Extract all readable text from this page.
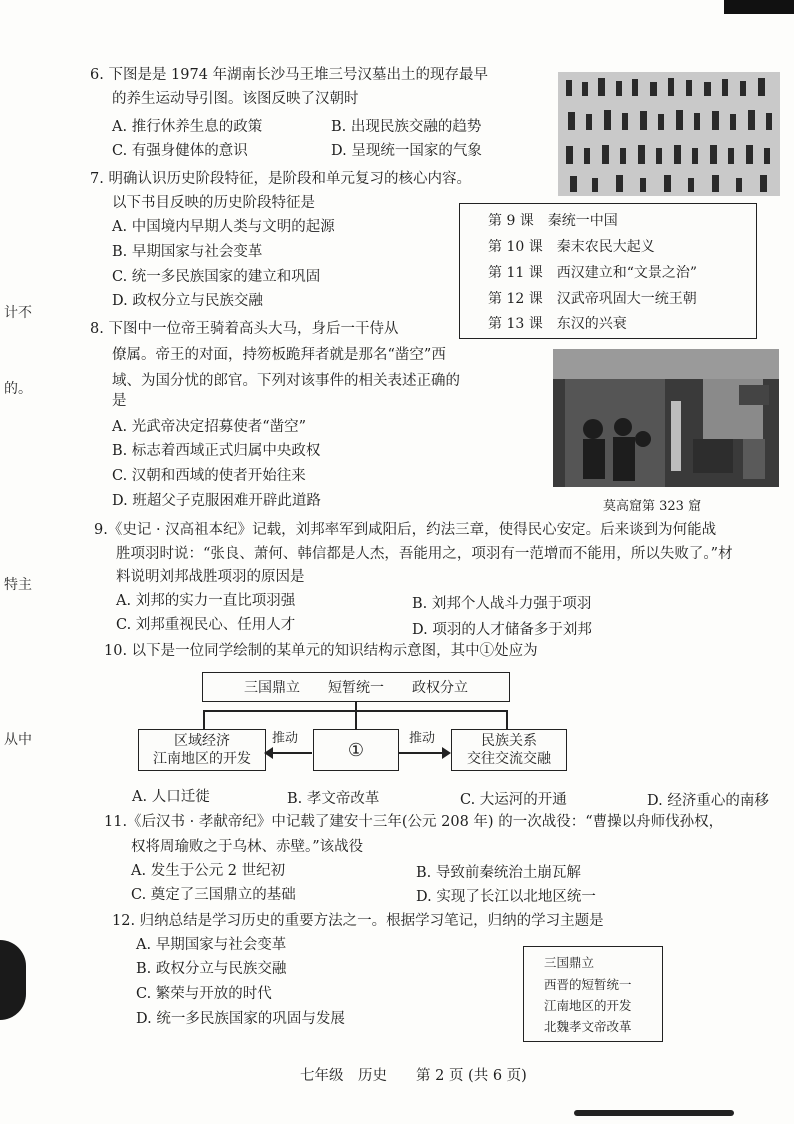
计不
的。
特主
从中
6. 下图是是 1974 年湖南长沙马王堆三号汉墓出土的现存最早
的养生运动导引图。该图反映了汉朝时
A. 推行休养生息的政策	B. 出现民族交融的趋势
C. 有强身健体的意识	D. 呈现统一国家的气象
7. 明确认识历史阶段特征，是阶段和单元复习的核心内容。
以下书目反映的历史阶段特征是
A. 中国境内早期人类与文明的起源
B. 早期国家与社会变革
C. 统一多民族国家的建立和巩固
D. 政权分立与民族交融
第 9 课　秦统一中国
第 10 课　秦末农民大起义
第 11 课　西汉建立和“文景之治”
第 12 课　汉武帝巩固大一统王朝
第 13 课　东汉的兴衰
8. 下图中一位帝王骑着高头大马，身后一干侍从
僚属。帝王的对面，持笏板跪拜者就是那名“凿空”西
域、为国分忧的郎官。下列对该事件的相关表述正确的
是
A. 光武帝决定招募使者“凿空”
B. 标志着西域正式归属中央政权
C. 汉朝和西域的使者开始往来
D. 班超父子克服困难开辟此道路	莫高窟第 323 窟
9.《史记 · 汉高祖本纪》记载，刘邦率军到咸阳后，约法三章，使得民心安定。后来谈到为何能战
胜项羽时说：“张良、萧何、韩信都是人杰，吾能用之，项羽有一范增而不能用，所以失败了。”材
料说明刘邦战胜项羽的原因是
A. 刘邦的实力一直比项羽强	B. 刘邦个人战斗力强于项羽
C. 刘邦重视民心、任用人才	D. 项羽的人才储备多于刘邦
10. 以下是一位同学绘制的某单元的知识结构示意图，其中①处应为
三国鼎立　　短暂统一　　政权分立
区域经济
江南地区的开发	①	民族关系
交往交流交融
推动	推动
A. 人口迁徙	B. 孝文帝改革	C. 大运河的开通	D. 经济重心的南移
11.《后汉书 · 孝献帝纪》中记载了建安十三年(公元 208 年) 的一次战役：“曹操以舟师伐孙权，
权将周瑜败之于乌林、赤壁。”该战役
A. 发生于公元 2 世纪初	B. 导致前秦统治土崩瓦解
C. 奠定了三国鼎立的基础	D. 实现了长江以北地区统一
12. 归纳总结是学习历史的重要方法之一。根据学习笔记，归纳的学习主题是
A. 早期国家与社会变革
B. 政权分立与民族交融
C. 繁荣与开放的时代
D. 统一多民族国家的巩固与发展
三国鼎立
西晋的短暂统一
江南地区的开发
北魏孝文帝改革
七年级　历史　　第 2 页 (共 6 页)
